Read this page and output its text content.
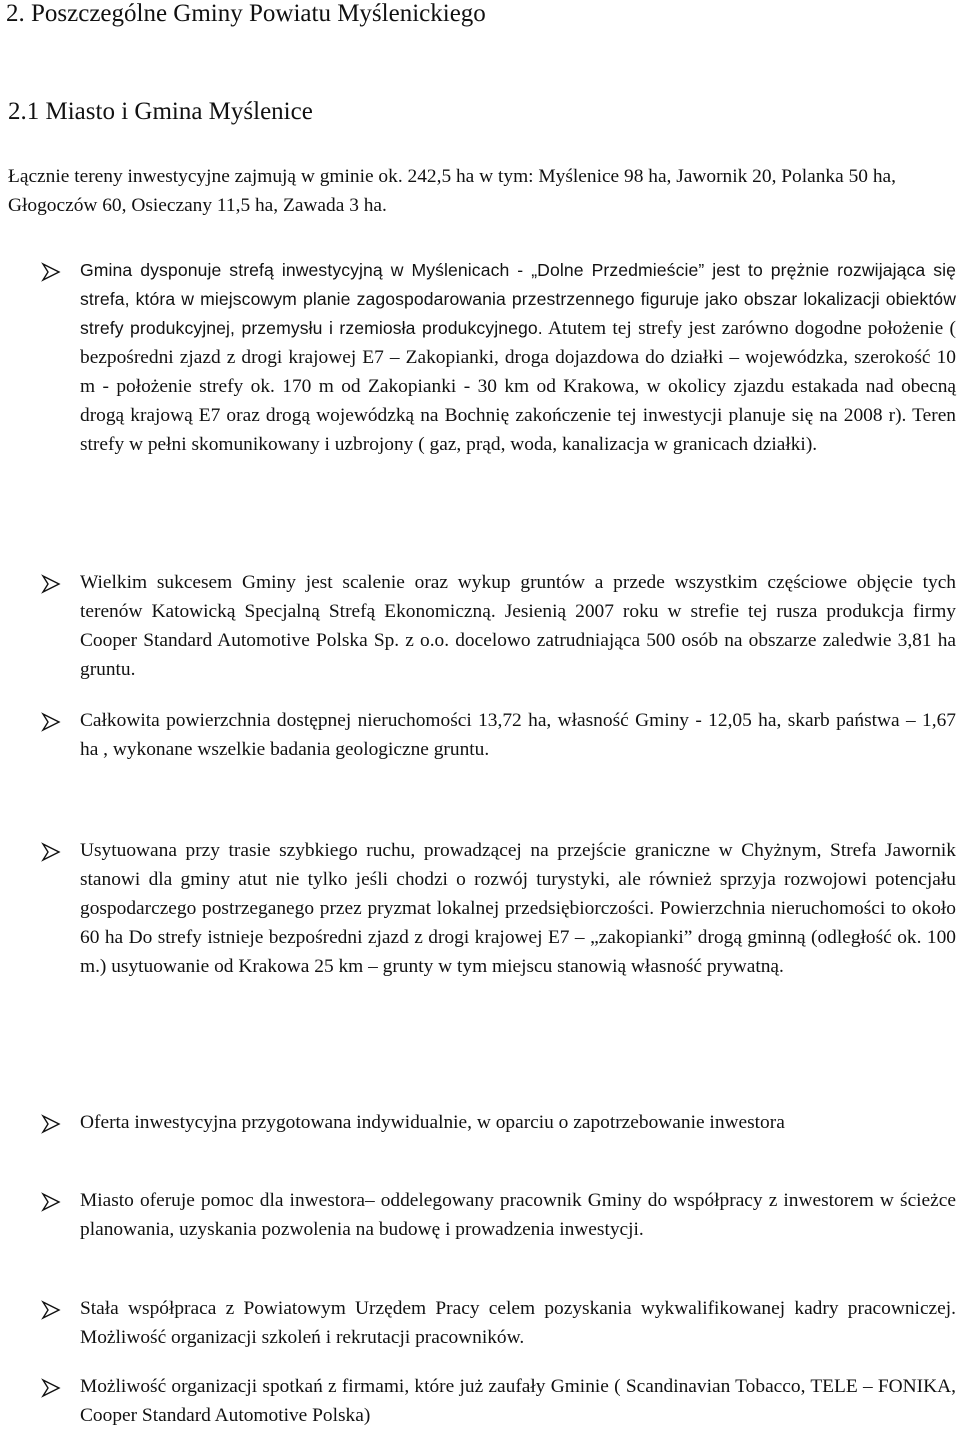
2. Poszczególne Gminy Powiatu Myślenickiego
2.1 Miasto i Gmina Myślenice

Łącznie tereny inwestycyjne zajmują w gminie ok. 242,5 ha w tym: Myślenice 98 ha, Jawornik 20, Polanka 50 ha, Głogoczów 60, Osieczany 11,5 ha, Zawada 3 ha.

Gmina dysponuje strefą inwestycyjną w Myślenicach - „Dolne Przedmieście” jest to prężnie rozwijająca się strefa, która w miejscowym planie zagospodarowania przestrzennego figuruje jako obszar lokalizacji obiektów strefy produkcyjnej, przemysłu i rzemiosła produkcyjnego. Atutem tej strefy jest zarówno dogodne położenie ( bezpośredni zjazd z drogi krajowej E7 – Zakopianki, droga dojazdowa do działki – wojewódzka, szerokość 10 m - położenie strefy ok. 170 m od Zakopianki - 30 km od Krakowa, w okolicy zjazdu estakada nad obecną drogą krajową E7 oraz drogą wojewódzką na Bochnię zakończenie tej inwestycji planuje się na 2008 r). Teren strefy w pełni skomunikowany i uzbrojony ( gaz, prąd, woda, kanalizacja w granicach działki).

Wielkim sukcesem Gminy jest scalenie oraz wykup gruntów a przede wszystkim częściowe objęcie tych terenów Katowicką Specjalną Strefą Ekonomiczną. Jesienią 2007 roku w strefie tej rusza produkcja firmy Cooper Standard Automotive Polska Sp. z o.o. docelowo zatrudniająca 500 osób na obszarze zaledwie 3,81 ha gruntu.

Całkowita powierzchnia dostępnej nieruchomości 13,72 ha, własność Gminy - 12,05 ha, skarb państwa – 1,67 ha , wykonane wszelkie badania geologiczne gruntu.

Usytuowana przy trasie szybkiego ruchu, prowadzącej na przejście graniczne w Chyżnym, Strefa Jawornik stanowi dla gminy atut nie tylko jeśli chodzi o rozwój turystyki, ale również sprzyja rozwojowi potencjału gospodarczego postrzeganego przez pryzmat lokalnej przedsiębiorczości. Powierzchnia nieruchomości to około 60 ha Do strefy istnieje bezpośredni zjazd z drogi krajowej E7 – „zakopianki” drogą gminną (odległość ok. 100 m.) usytuowanie od Krakowa 25 km – grunty w tym miejscu stanowią własność prywatną.

Oferta inwestycyjna przygotowana indywidualnie, w oparciu o zapotrzebowanie inwestora

Miasto oferuje pomoc dla inwestora– oddelegowany pracownik Gminy do współpracy z inwestorem w ścieżce planowania, uzyskania pozwolenia na budowę i prowadzenia inwestycji.

Stała współpraca z Powiatowym Urzędem Pracy celem pozyskania wykwalifikowanej kadry pracowniczej. Możliwość organizacji szkoleń i rekrutacji pracowników.

Możliwość organizacji spotkań z firmami, które już zaufały Gminie ( Scandinavian Tobacco, TELE – FONIKA, Cooper Standard Automotive Polska)
